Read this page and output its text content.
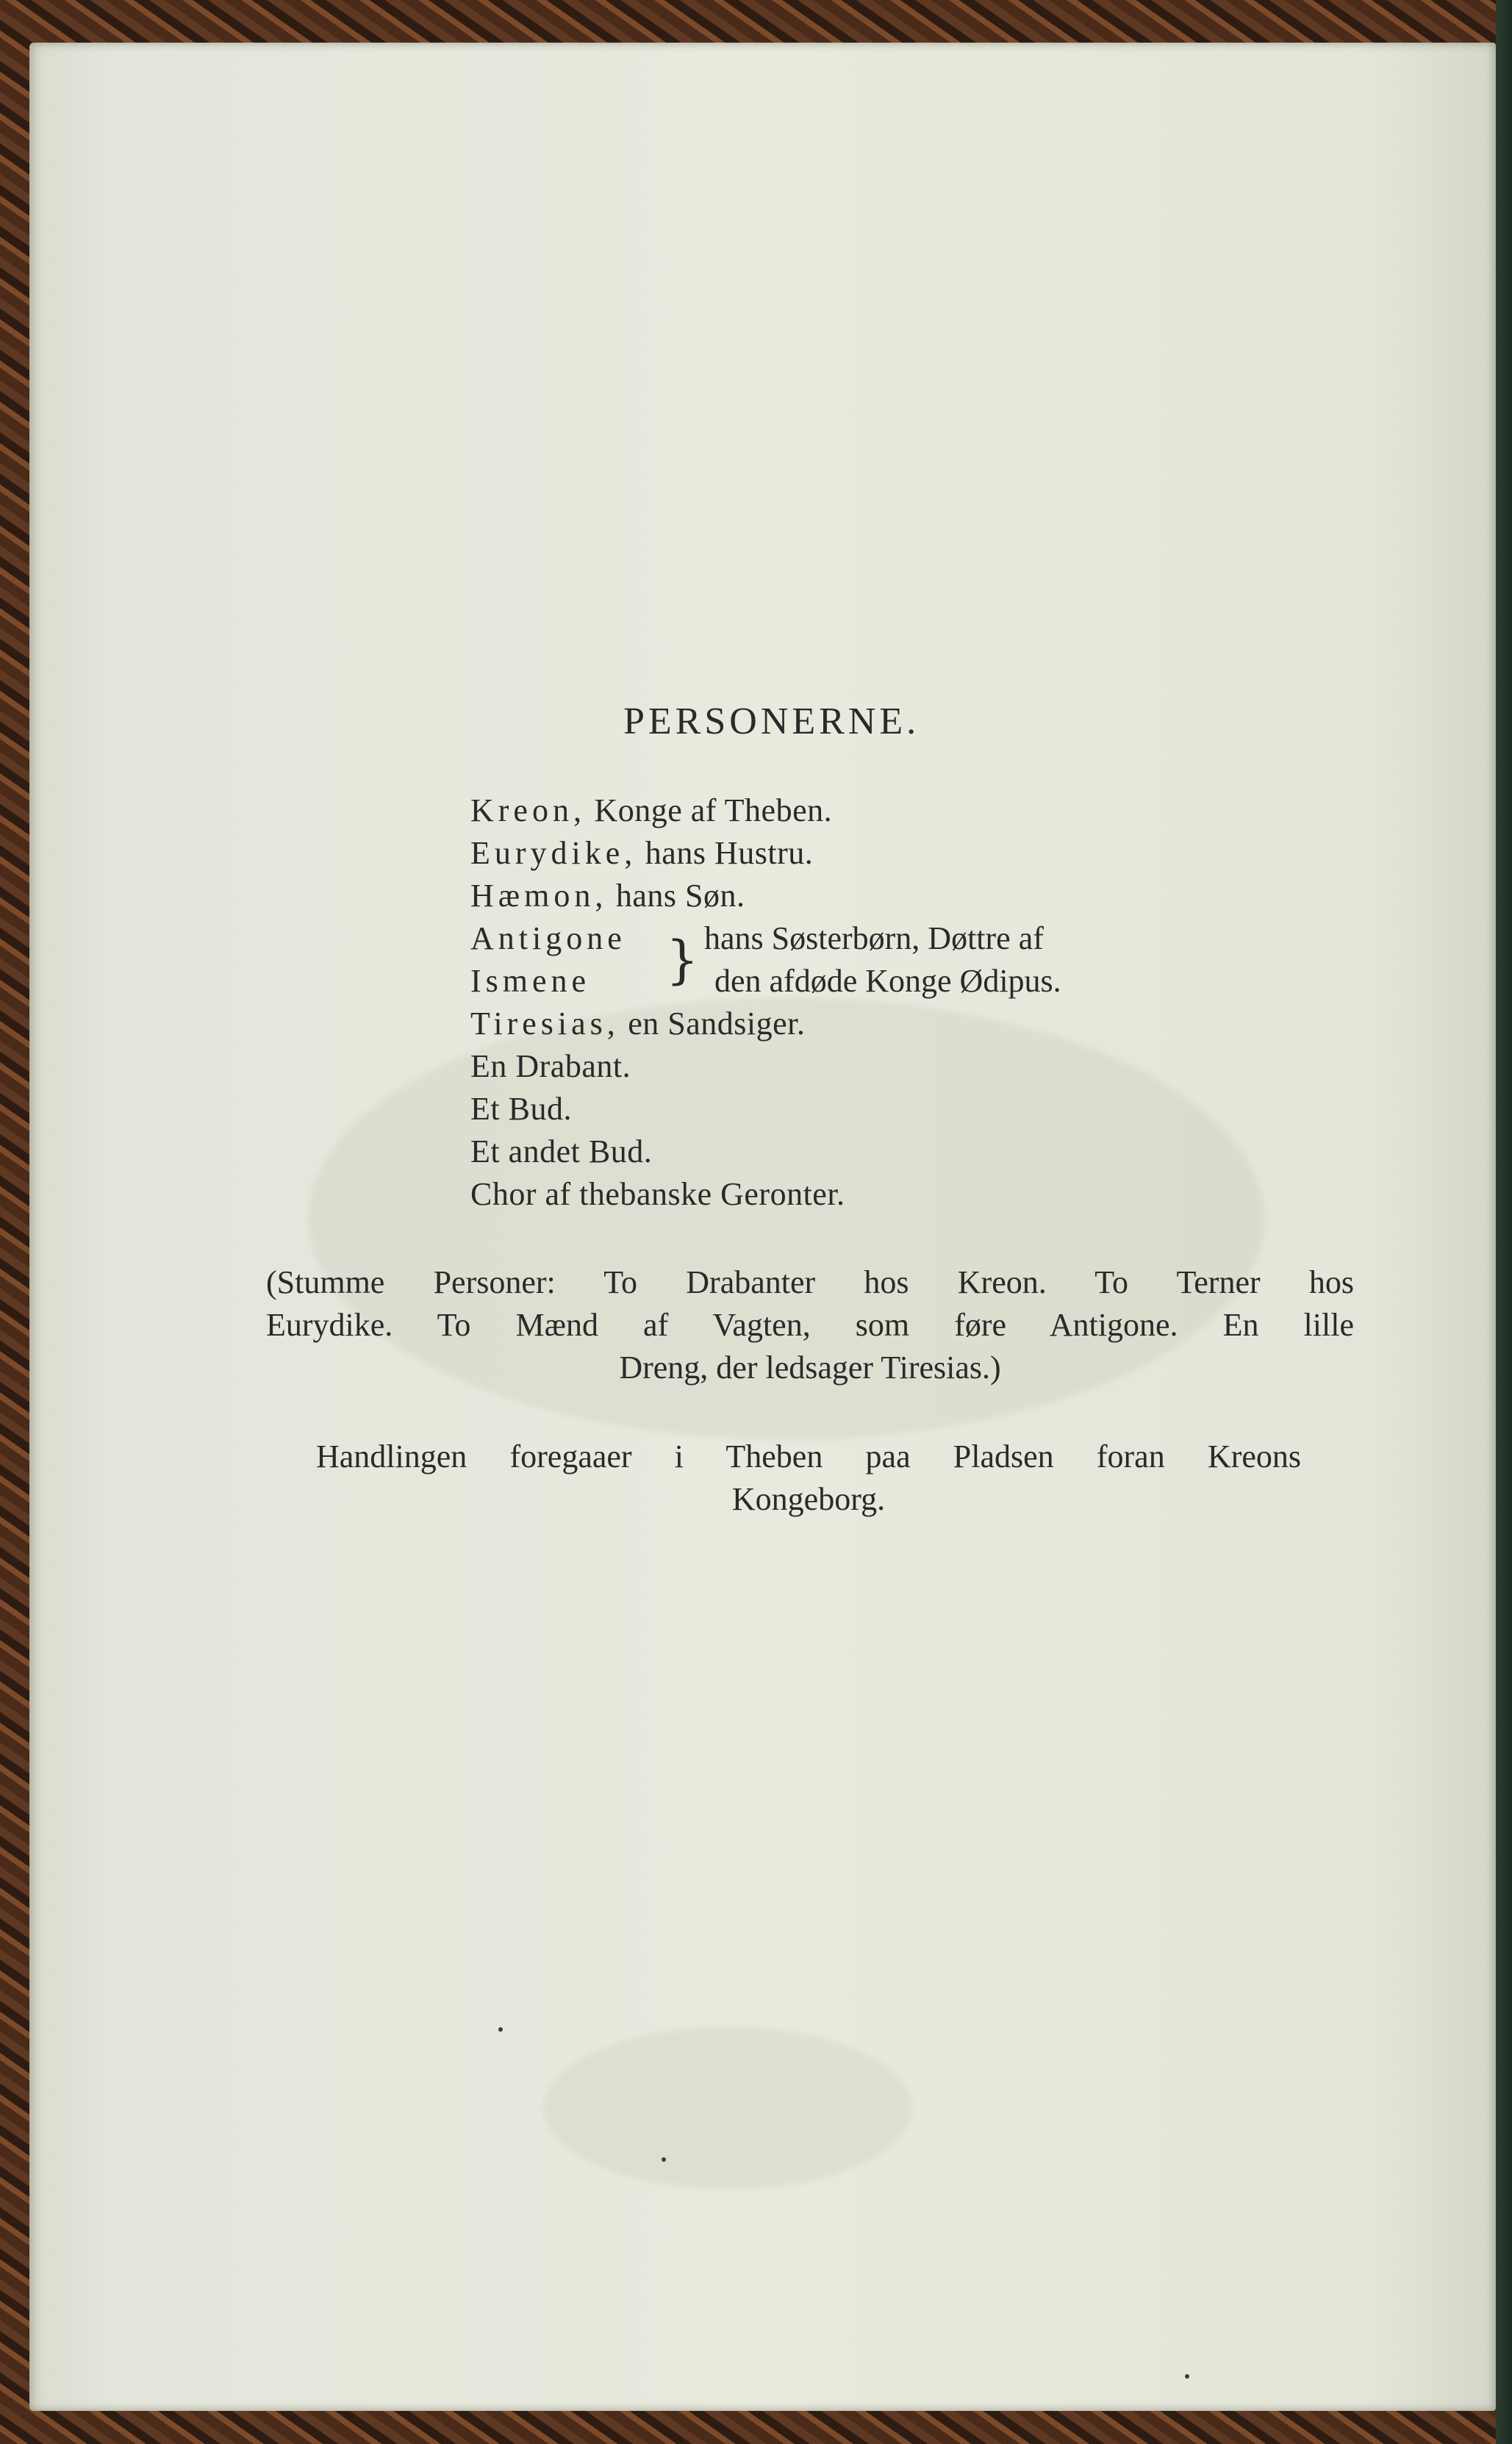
PERSONERNE.
Kreon, Konge af Theben.
Eurydike, hans Hustru.
Hæmon, hans Søn.
Antigone hans Søsterbørn, Døttre af
Ismene	den afdøde Konge Ødipus.
}
Tiresias, en Sandsiger.
En Drabant.
Et Bud.
Et andet Bud.
Chor af thebanske Geronter.
(Stumme Personer: To Drabanter hos Kreon. To Terner hos
Eurydike. To Mænd af Vagten, som føre Antigone. En lille
Dreng, der ledsager Tiresias.)
Handlingen foregaaer i Theben paa Pladsen foran Kreons
Kongeborg.
